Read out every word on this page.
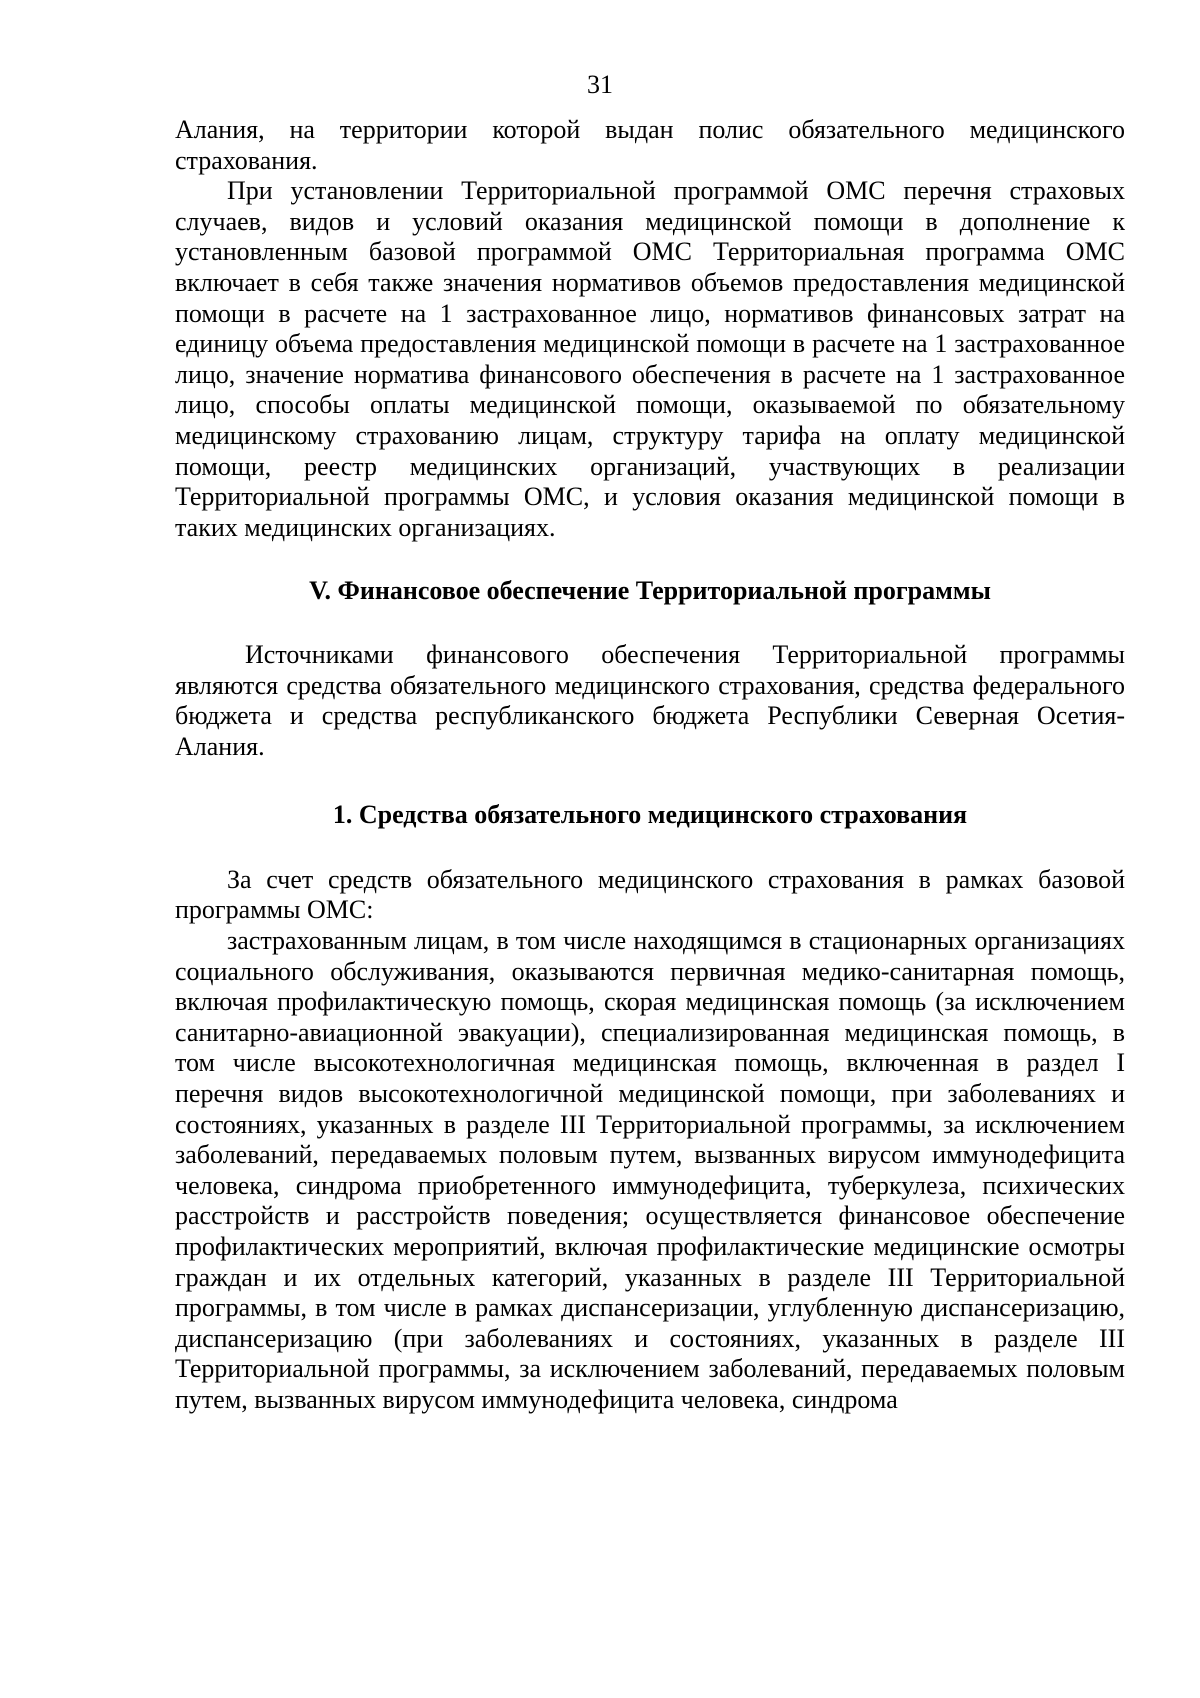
31

Алания, на территории которой выдан полис обязательного медицинского страхования.

При установлении Территориальной программой ОМС перечня страховых случаев, видов и условий оказания медицинской помощи в дополнение к установленным базовой программой ОМС Территориальная программа ОМС включает в себя также значения нормативов объемов предоставления медицинской помощи в расчете на 1 застрахованное лицо, нормативов финансовых затрат на единицу объема предоставления медицинской помощи в расчете на 1 застрахованное лицо, значение норматива финансового обеспечения в расчете на 1 застрахованное лицо, способы оплаты медицинской помощи, оказываемой по обязательному медицинскому страхованию лицам, структуру тарифа на оплату медицинской помощи, реестр медицинских организаций, участвующих в реализации Территориальной программы ОМС, и условия оказания медицинской помощи в таких медицинских организациях.

V. Финансовое обеспечение Территориальной программы

Источниками финансового обеспечения Территориальной программы являются средства обязательного медицинского страхования, средства федерального бюджета и средства республиканского бюджета Республики Северная Осетия-Алания.

1. Средства обязательного медицинского страхования

За счет средств обязательного медицинского страхования в рамках базовой программы ОМС:

застрахованным лицам, в том числе находящимся в стационарных организациях социального обслуживания, оказываются первичная медико-санитарная помощь, включая профилактическую помощь, скорая медицинская помощь (за исключением санитарно-авиационной эвакуации), специализированная медицинская помощь, в том числе высокотехнологичная медицинская помощь, включенная в раздел I перечня видов высокотехнологичной медицинской помощи, при заболеваниях и состояниях, указанных в разделе III Территориальной программы, за исключением заболеваний, передаваемых половым путем, вызванных вирусом иммунодефицита человека, синдрома приобретенного иммунодефицита, туберкулеза, психических расстройств и расстройств поведения; осуществляется финансовое обеспечение профилактических мероприятий, включая профилактические медицинские осмотры граждан и их отдельных категорий, указанных в разделе III Территориальной программы, в том числе в рамках диспансеризации, углубленную диспансеризацию, диспансеризацию (при заболеваниях и состояниях, указанных в разделе III Территориальной программы, за исключением заболеваний, передаваемых половым путем, вызванных вирусом иммунодефицита человека, синдрома
